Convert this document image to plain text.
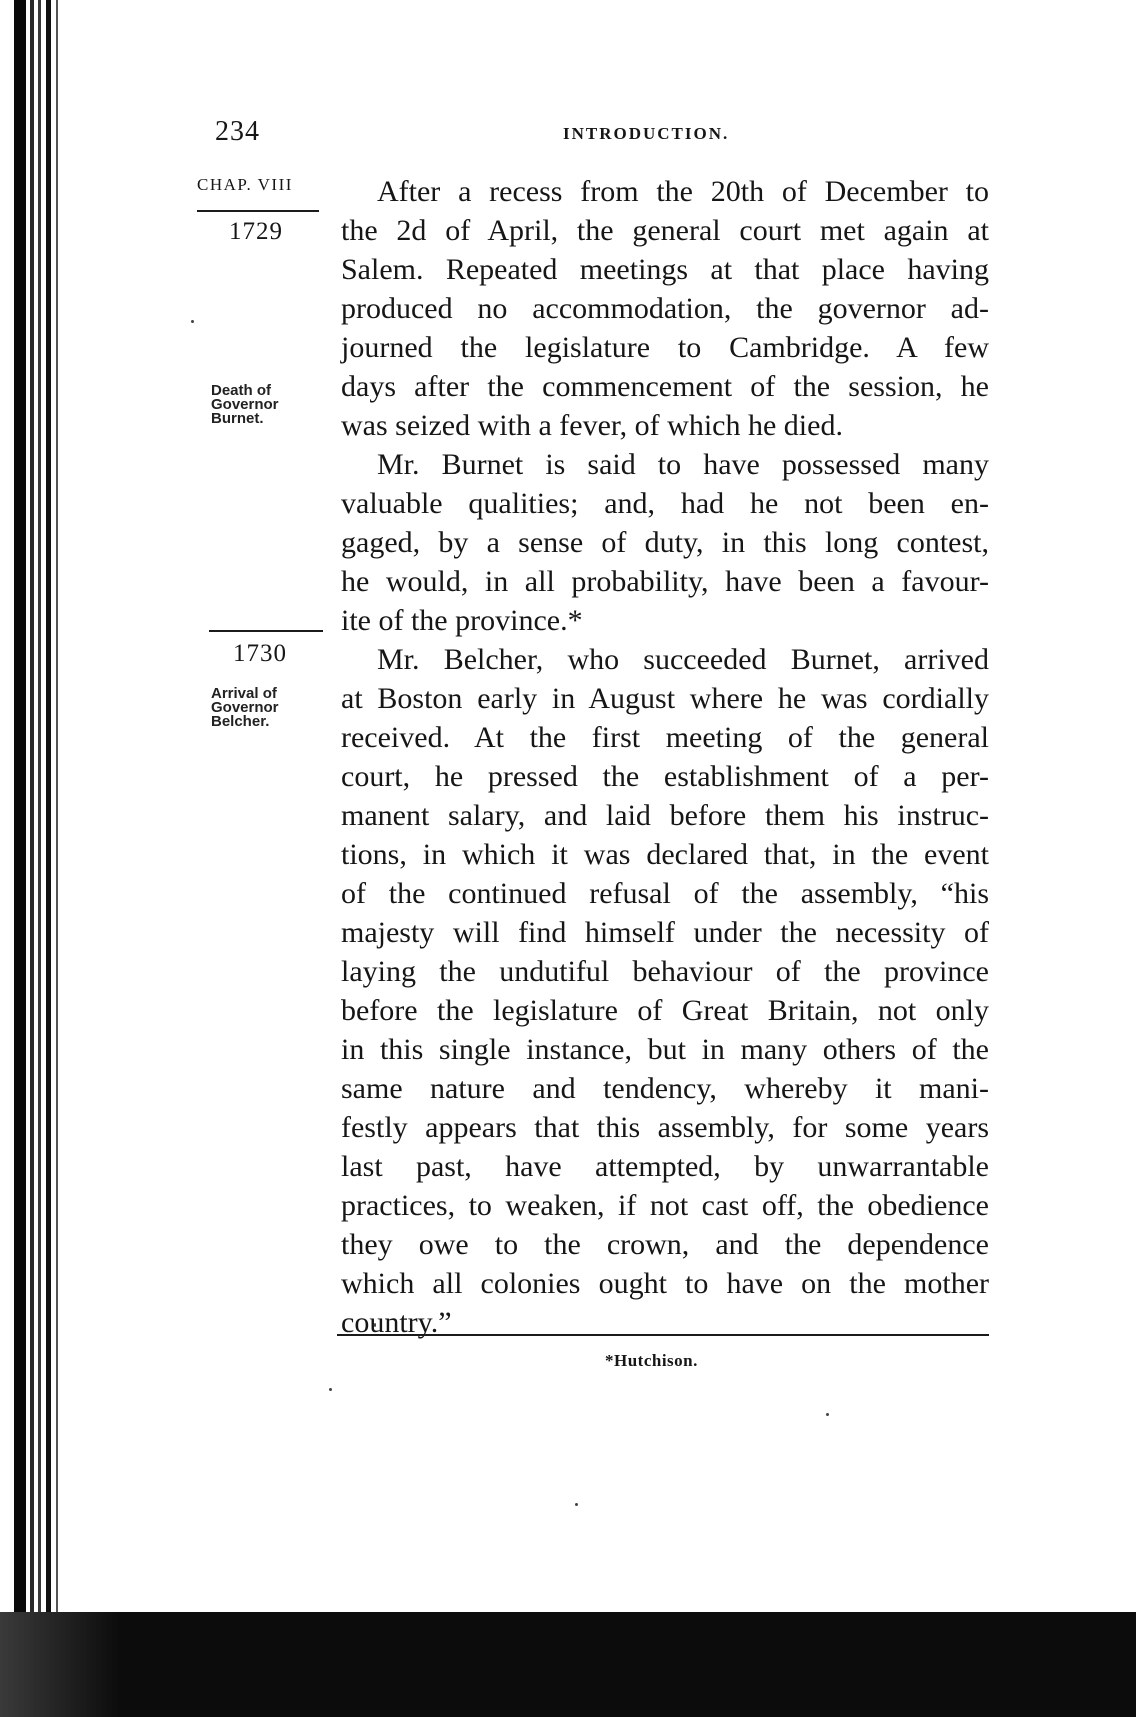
234	INTRODUCTION.
CHAP. VIII
1729
Death of
Governor
Burnet.
1730
Arrival of
Governor
Belcher.
After a recess from the 20th of December to
the 2d of April, the general court met again at
Salem. Repeated meetings at that place having
produced no accommodation, the governor ad-
journed the legislature to Cambridge. A few
days after the commencement of the session, he
was seized with a fever, of which he died.
Mr. Burnet is said to have possessed many
valuable qualities; and, had he not been en-
gaged, by a sense of duty, in this long contest,
he would, in all probability, have been a favour-
ite of the province.*
Mr. Belcher, who succeeded Burnet, arrived
at Boston early in August where he was cordially
received. At the first meeting of the general
court, he pressed the establishment of a per-
manent salary, and laid before them his instruc-
tions, in which it was declared that, in the event
of the continued refusal of the assembly, “his
majesty will find himself under the necessity of
laying the undutiful behaviour of the province
before the legislature of Great Britain, not only
in this single instance, but in many others of the
same nature and tendency, whereby it mani-
festly appears that this assembly, for some years
last past, have attempted, by unwarrantable
practices, to weaken, if not cast off, the obedience
they owe to the crown, and the dependence
which all colonies ought to have on the mother
country.”
*Hutchison.
